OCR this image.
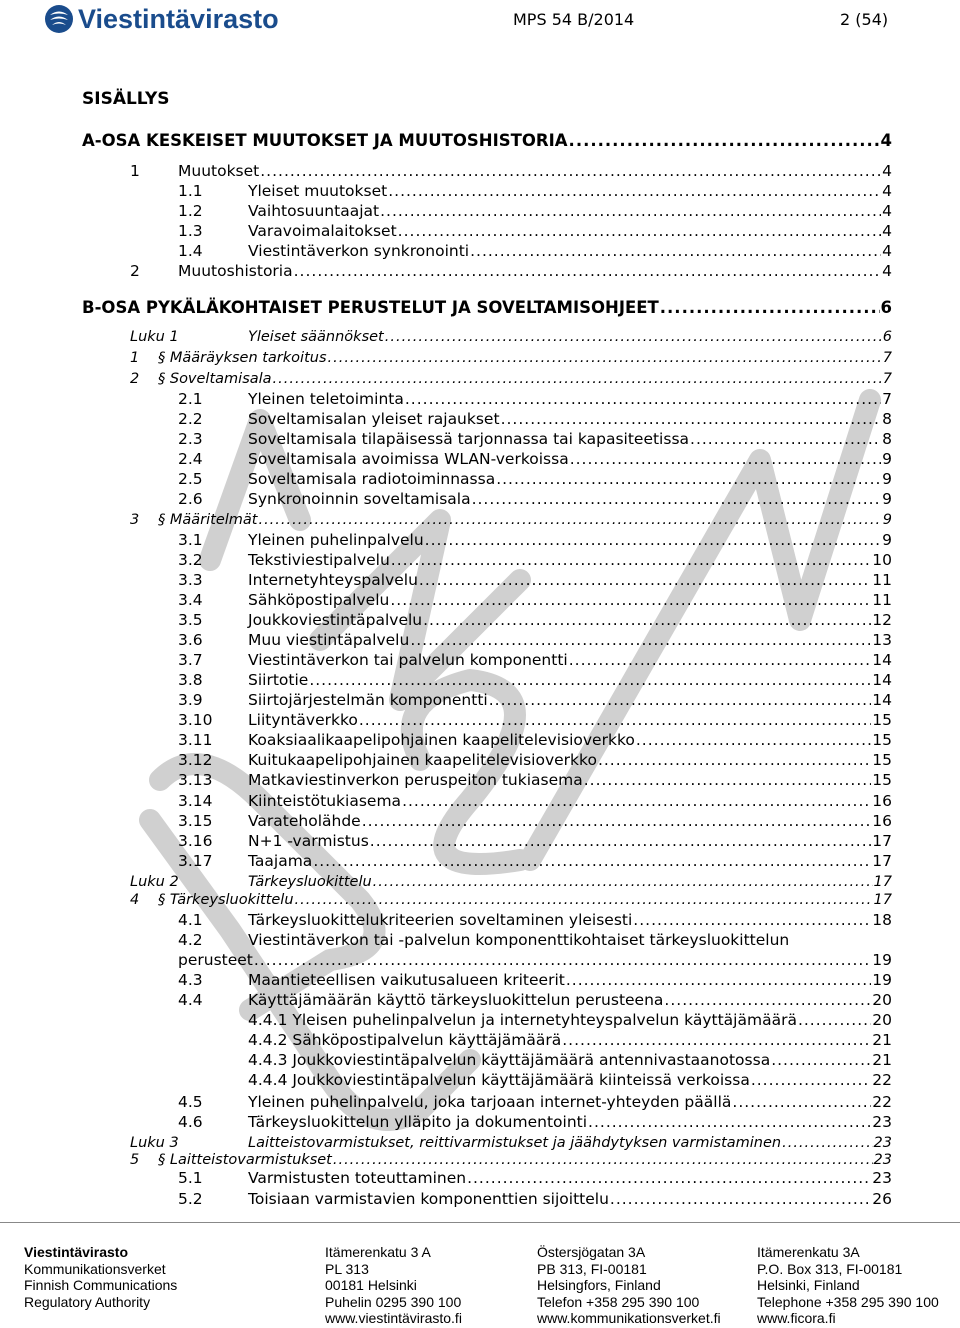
Viestintävirasto	MPS 54 B/2014	2 (54)
SISÄLLYS
A-OSA KESKEISET MUUTOKSET JA MUUTOSHISTORIA .....	4
1	Muutokset .....	4
1.1	Yleiset muutokset .....	4
1.2	Vaihtosuuntaajat .....	4
1.3	Varavoimalaitokset .....	4
1.4	Viestintäverkon synkronointi .....	4
2	Muutoshistoria .....	4
B-OSA PYKÄLÄKOHTAISET PERUSTELUT JA SOVELTAMISOHJEET .....	6
Luku 1	Yleiset säännökset .....	6
1	§ Määräyksen tarkoitus .....	7
2	§ Soveltamisala .....	7
2.1	Yleinen teletoiminta .....	7
2.2	Soveltamisalan yleiset rajaukset .....	8
2.3	Soveltamisala tilapäisessä tarjonnassa tai kapasiteetissa .....	8
2.4	Soveltamisala avoimissa WLAN-verkoissa .....	9
2.5	Soveltamisala radiotoiminnassa .....	9
2.6	Synkronoinnin soveltamisala .....	9
3	§ Määritelmät .....	9
3.1	Yleinen puhelinpalvelu .....	9
3.2	Tekstiviestipalvelu .....	10
3.3	Internetyhteyspalvelu .....	11
3.4	Sähköpostipalvelu .....	11
3.5	Joukkoviestintäpalvelu .....	12
3.6	Muu viestintäpalvelu .....	13
3.7	Viestintäverkon tai palvelun komponentti .....	14
3.8	Siirtotie .....	14
3.9	Siirtojärjestelmän komponentti .....	14
3.10	Liityntäverkko .....	15
3.11	Koaksiaalikaapelipohjainen kaapelitelevisioverkko .....	15
3.12	Kuitukaapelipohjainen kaapelitelevisioverkko .....	15
3.13	Matkaviestinverkon peruspeiton tukiasema .....	15
3.14	Kiinteistötukiasema .....	16
3.15	Varateholähde .....	16
3.16	N+1 -varmistus .....	17
3.17	Taajama .....	17
Luku 2	Tärkeysluokittelu .....	17
4	§ Tärkeysluokittelu .....	17
4.1	Tärkeysluokittelukriteerien soveltaminen yleisesti .....	18
4.2	Viestintäverkon tai -palvelun komponenttikohtaiset tärkeysluokittelun
perusteet .....	19
4.3	Maantieteellisen vaikutusalueen kriteerit .....	19
4.4	Käyttäjämäärän käyttö tärkeysluokittelun perusteena .....	20
4.4.1 Yleisen puhelinpalvelun ja internetyhteyspalvelun käyttäjämäärä .....	20
4.4.2 Sähköpostipalvelun käyttäjämäärä .....	21
4.4.3 Joukkoviestintäpalvelun käyttäjämäärä antennivastaanotossa .....	21
4.4.4 Joukkoviestintäpalvelun käyttäjämäärä kiinteissä verkoissa .....	22
4.5	Yleinen puhelinpalvelu, joka tarjoaan internet-yhteyden päällä .....	22
4.6	Tärkeysluokittelun ylläpito ja dokumentointi .....	23
Luku 3	Laitteistovarmistukset, reittivarmistukset ja jäähdytyksen varmistaminen .....	23
5	§ Laitteistovarmistukset .....	23
5.1	Varmistusten toteuttaminen .....	23
5.2	Toisiaan varmistavien komponenttien sijoittelu .....	26
Viestintävirasto
Kommunikationsverket
Finnish Communications
Regulatory Authority
Itämerenkatu 3 A
PL 313
00181 Helsinki
Puhelin 0295 390 100
www.viestintävirasto.fi
Östersjögatan 3A
PB 313, FI-00181
Helsingfors, Finland
Telefon +358 295 390 100
www.kommunikationsverket.fi
Itämerenkatu 3A
P.O. Box 313, FI-00181
Helsinki, Finland
Telephone +358 295 390 100
www.ficora.fi
